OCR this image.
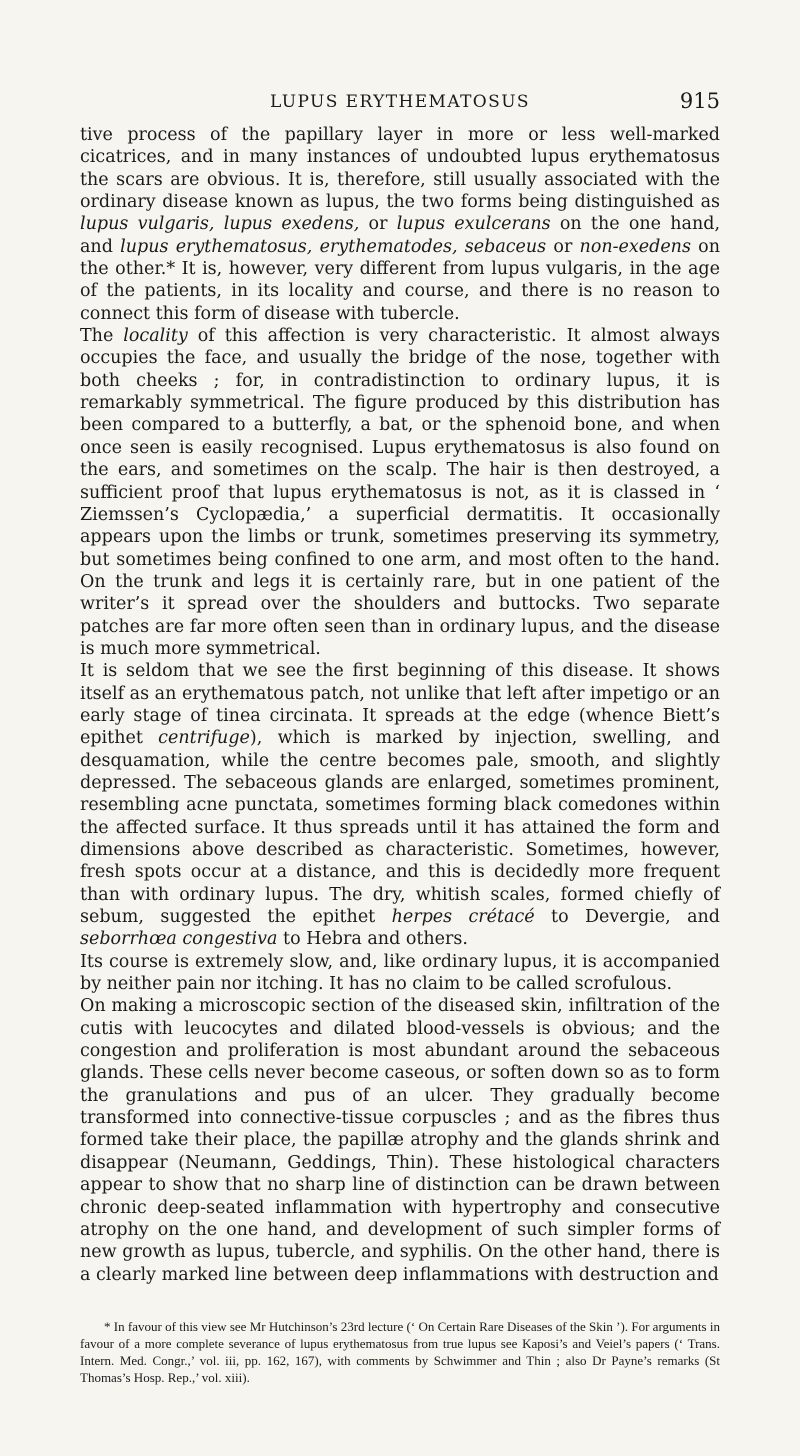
LUPUS ERYTHEMATOSUS	915

tive process of the papillary layer in more or less well-marked cicatrices, and in many instances of undoubted lupus erythematosus the scars are obvious. It is, therefore, still usually associated with the ordinary disease known as lupus, the two forms being distinguished as lupus vulgaris, lupus exedens, or lupus exulcerans on the one hand, and lupus erythematosus, erythematodes, sebaceus or non-exedens on the other.* It is, however, very different from lupus vulgaris, in the age of the patients, in its locality and course, and there is no reason to connect this form of disease with tubercle.

The locality of this affection is very characteristic. It almost always occupies the face, and usually the bridge of the nose, together with both cheeks ; for, in contradistinction to ordinary lupus, it is remarkably symmetrical. The figure produced by this distribution has been compared to a butterfly, a bat, or the sphenoid bone, and when once seen is easily recognised. Lupus erythematosus is also found on the ears, and sometimes on the scalp. The hair is then destroyed, a sufficient proof that lupus erythematosus is not, as it is classed in ‘ Ziemssen’s Cyclopædia,’ a superficial dermatitis. It occasionally appears upon the limbs or trunk, sometimes preserving its symmetry, but sometimes being confined to one arm, and most often to the hand. On the trunk and legs it is certainly rare, but in one patient of the writer’s it spread over the shoulders and buttocks. Two separate patches are far more often seen than in ordinary lupus, and the disease is much more symmetrical.

It is seldom that we see the first beginning of this disease. It shows itself as an erythematous patch, not unlike that left after impetigo or an early stage of tinea circinata. It spreads at the edge (whence Biett’s epithet centrifuge), which is marked by injection, swelling, and desquamation, while the centre becomes pale, smooth, and slightly depressed. The sebaceous glands are enlarged, sometimes prominent, resembling acne punctata, sometimes forming black comedones within the affected surface. It thus spreads until it has attained the form and dimensions above described as characteristic. Sometimes, however, fresh spots occur at a distance, and this is decidedly more frequent than with ordinary lupus. The dry, whitish scales, formed chiefly of sebum, suggested the epithet herpes crétacé to Devergie, and seborrhœa congestiva to Hebra and others.

Its course is extremely slow, and, like ordinary lupus, it is accompanied by neither pain nor itching. It has no claim to be called scrofulous.

On making a microscopic section of the diseased skin, infiltration of the cutis with leucocytes and dilated blood-vessels is obvious; and the congestion and proliferation is most abundant around the sebaceous glands. These cells never become caseous, or soften down so as to form the granulations and pus of an ulcer. They gradually become transformed into connective-tissue corpuscles ; and as the fibres thus formed take their place, the papillæ atrophy and the glands shrink and disappear (Neumann, Geddings, Thin). These histological characters appear to show that no sharp line of distinction can be drawn between chronic deep-seated inflammation with hypertrophy and consecutive atrophy on the one hand, and development of such simpler forms of new growth as lupus, tubercle, and syphilis. On the other hand, there is a clearly marked line between deep inflammations with destruction and

* In favour of this view see Mr Hutchinson’s 23rd lecture (‘ On Certain Rare Diseases of the Skin ’). For arguments in favour of a more complete severance of lupus erythematosus from true lupus see Kaposi’s and Veiel’s papers (‘ Trans. Intern. Med. Congr.,’ vol. iii, pp. 162, 167), with comments by Schwimmer and Thin ; also Dr Payne’s remarks (St Thomas’s Hosp. Rep.,’ vol. xiii).
